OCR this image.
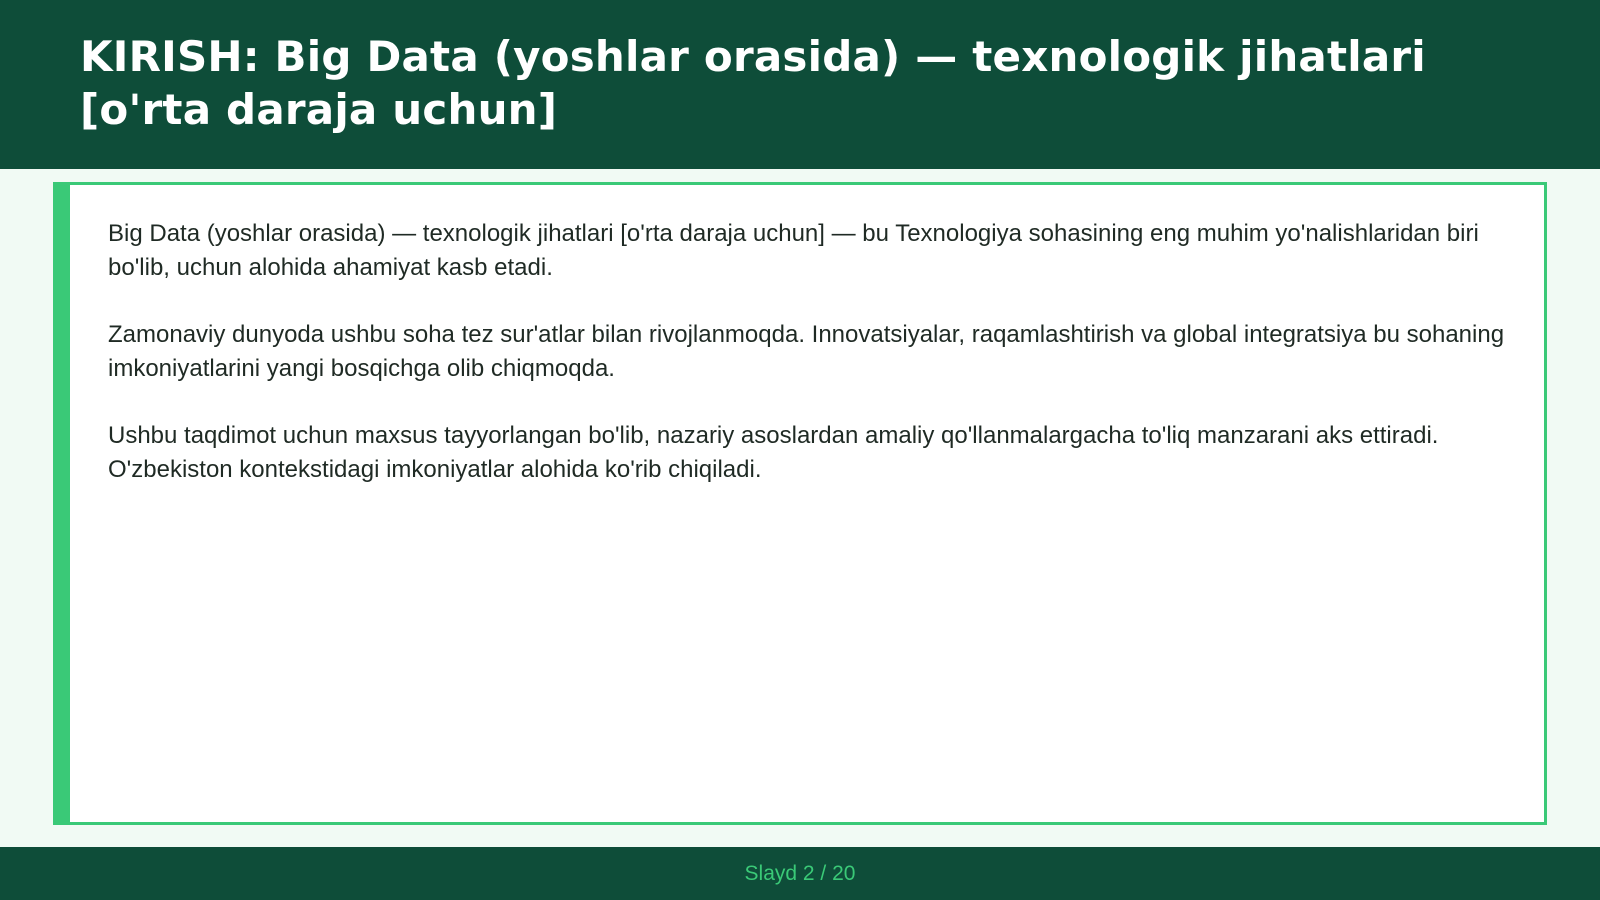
KIRISH: Big Data (yoshlar orasida) — texnologik jihatlari [o'rta daraja uchun]

Big Data (yoshlar orasida) — texnologik jihatlari [o'rta daraja uchun] — bu Texnologiya sohasining eng muhim yo'nalishlaridan biri bo'lib, uchun alohida ahamiyat kasb etadi.

Zamonaviy dunyoda ushbu soha tez sur'atlar bilan rivojlanmoqda. Innovatsiyalar, raqamlashtirish va global integratsiya bu sohaning imkoniyatlarini yangi bosqichga olib chiqmoqda.

Ushbu taqdimot uchun maxsus tayyorlangan bo'lib, nazariy asoslardan amaliy qo'llanmalargacha to'liq manzarani aks ettiradi. O'zbekiston kontekstidagi imkoniyatlar alohida ko'rib chiqiladi.

Slayd 2 / 20
